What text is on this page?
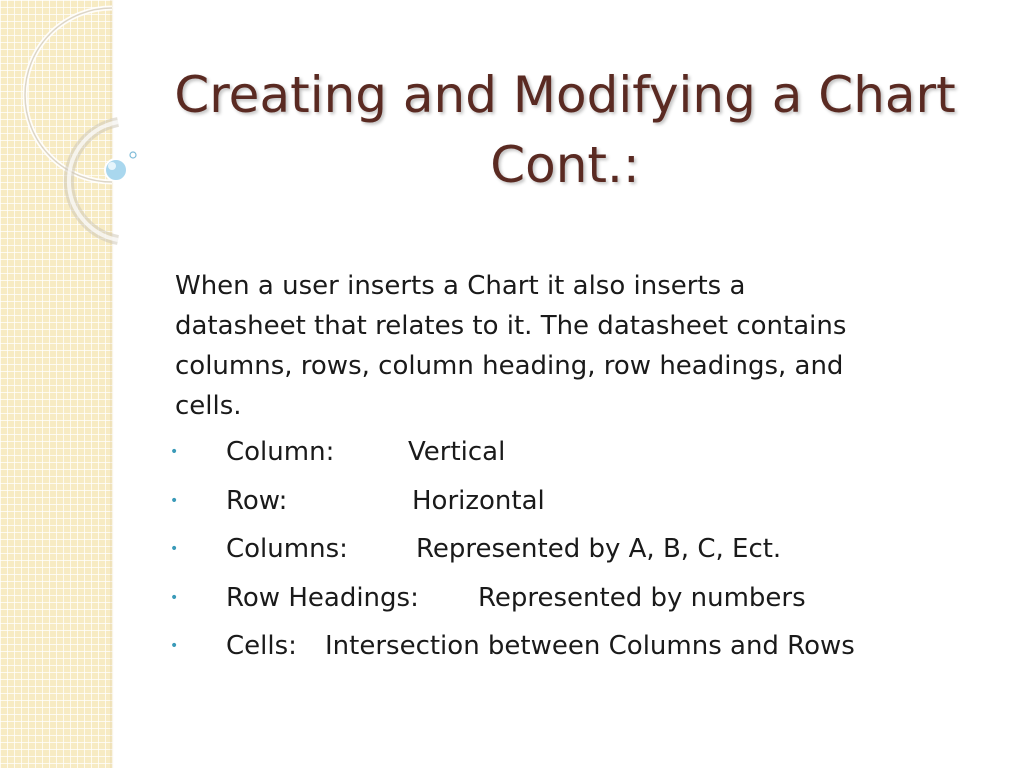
Creating and Modifying a Chart
Cont.:
When a user inserts a Chart it also inserts a
datasheet that relates to it. The datasheet contains
columns, rows, column heading, row headings, and
cells.
• Column:	Vertical
• Row:	Horizontal
• Columns:	Represented by A, B, C, Ect.
• Row Headings: Represented by numbers
• Cells: Intersection between Columns and Rows
